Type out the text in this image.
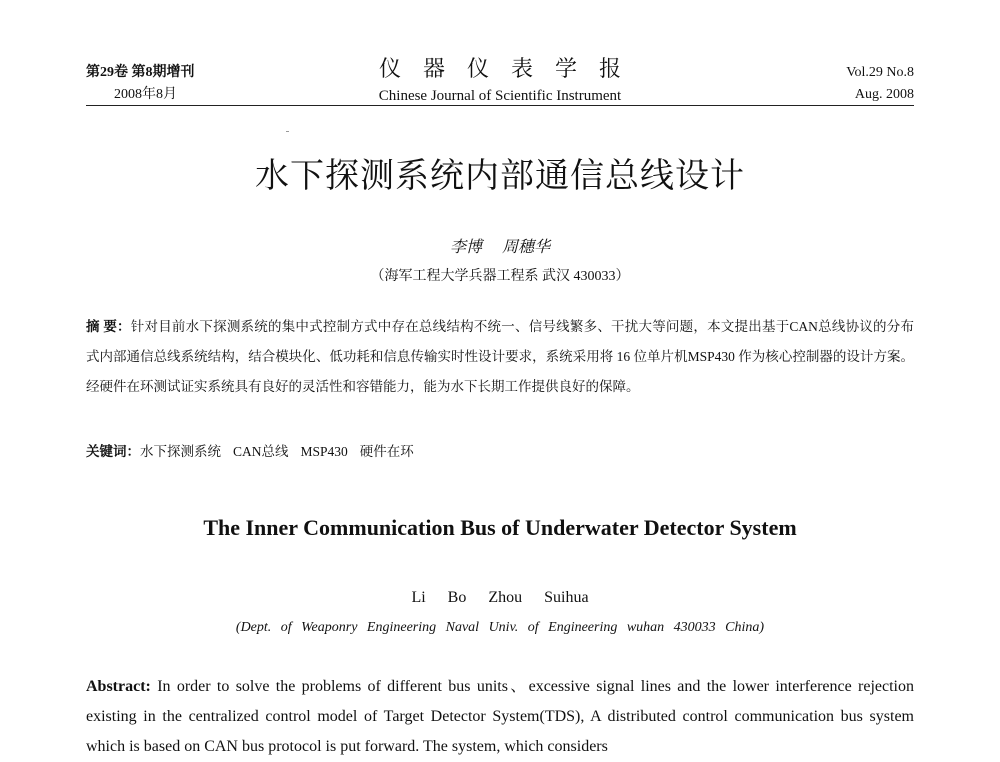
第29卷 第8期增刊
2008年8月
仪器仪表学报
Chinese Journal of Scientific Instrument
Vol.29 No.8
Aug. 2008
水下探测系统内部通信总线设计
李博 周穗华
（海军工程大学兵器工程系 武汉 430033）
摘 要：针对目前水下探测系统的集中式控制方式中存在总线结构不统一、信号线繁多、干扰大等问题，本文提出基于CAN总线协议的分布式内部通信总线系统结构，结合模块化、低功耗和信息传输实时性设计要求，系统采用将 16 位单片机MSP430 作为核心控制器的设计方案。经硬件在环测试证实系统具有良好的灵活性和容错能力，能为水下长期工作提供良好的保障。
关键词：水下探测系统 CAN总线 MSP430 硬件在环
The Inner Communication Bus of Underwater Detector System
Li Bo Zhou Suihua
(Dept. of Weaponry Engineering Naval Univ. of Engineering wuhan 430033 China)
Abstract: In order to solve the problems of different bus units、excessive signal lines and the lower interference rejection existing in the centralized control model of Target Detector System(TDS), A distributed control communication bus system which is based on CAN bus protocol is put forward. The system, which considers
